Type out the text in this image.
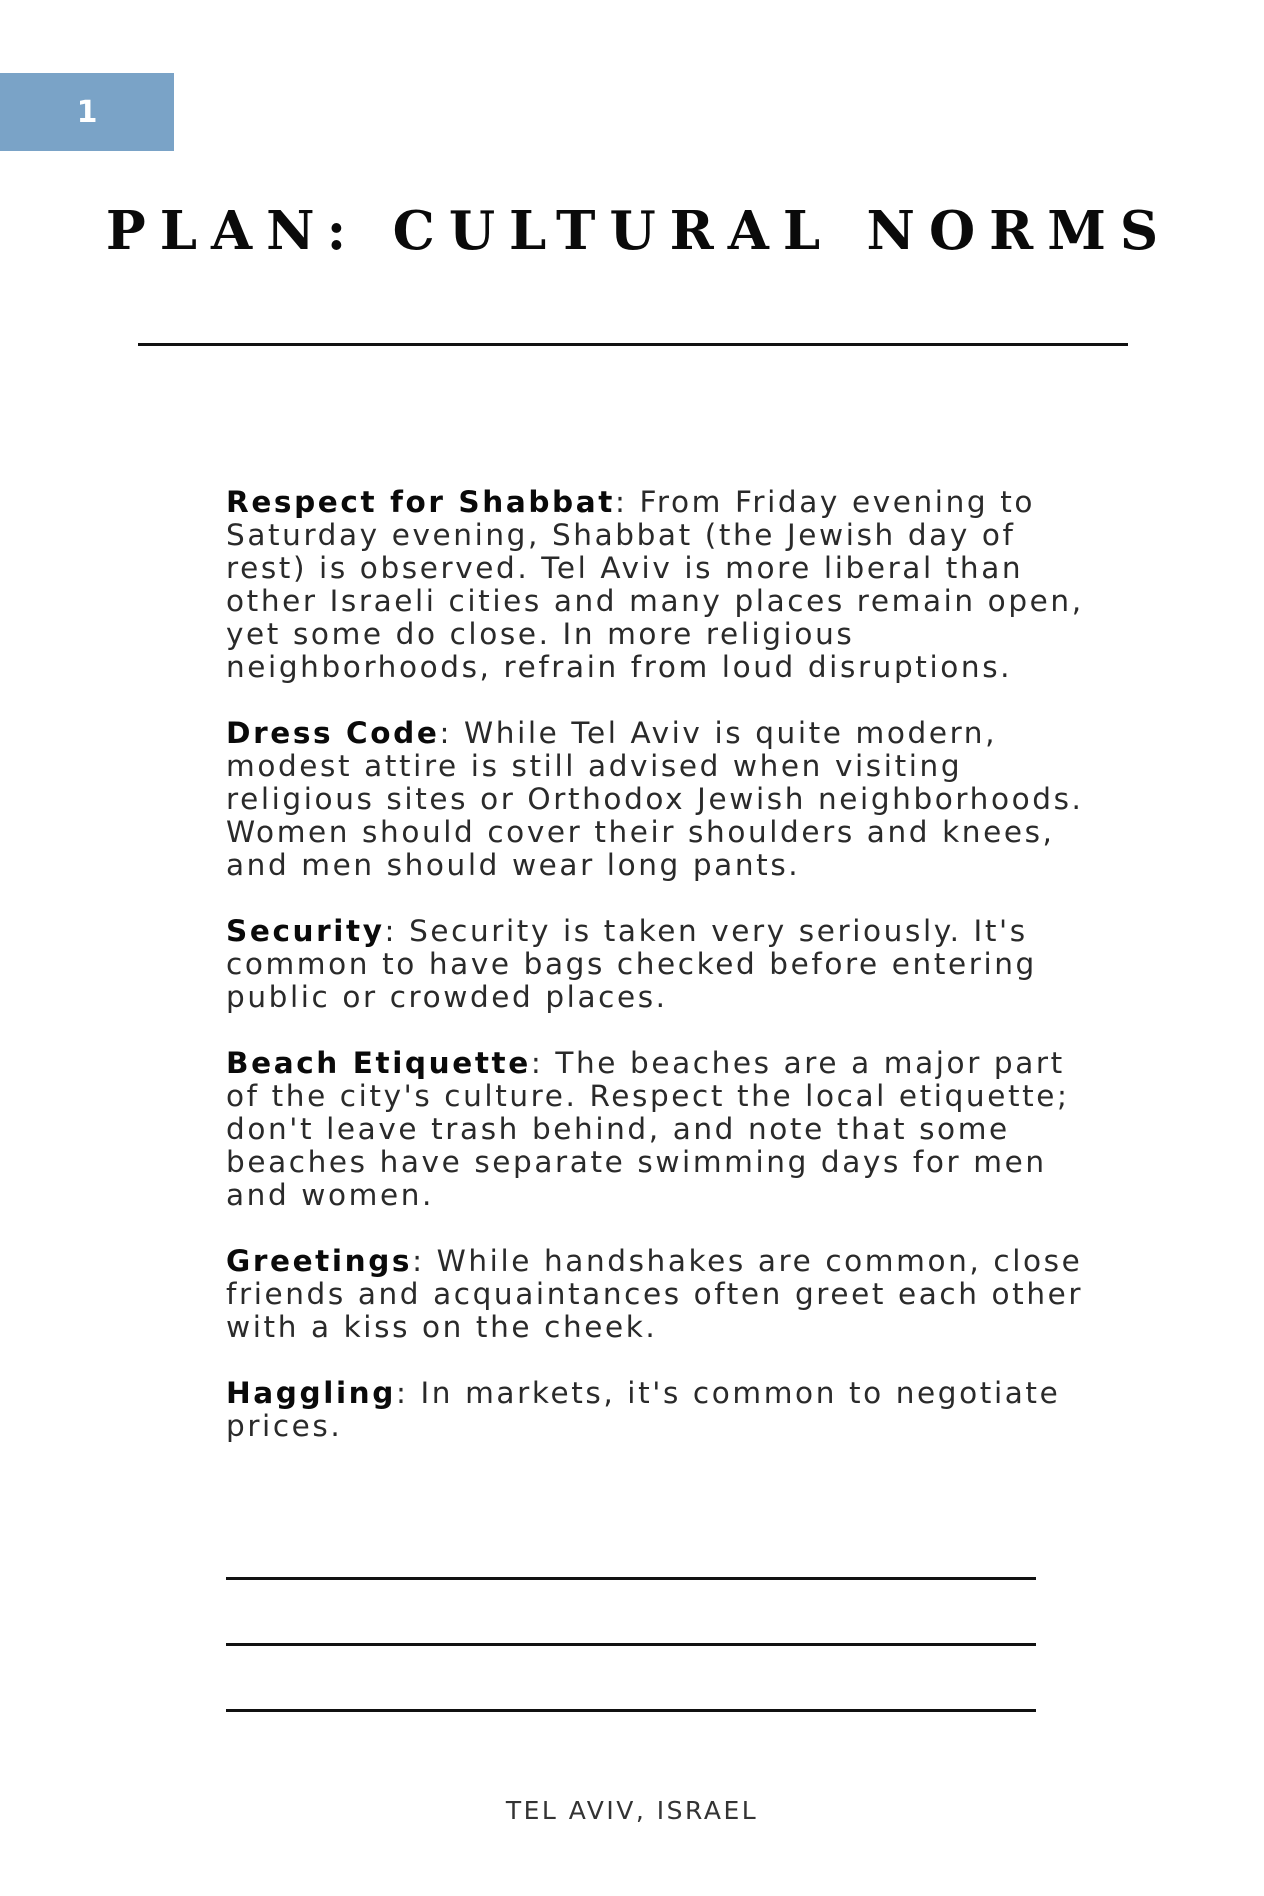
1
PLAN: CULTURAL NORMS

Respect for Shabbat: From Friday evening to Saturday evening, Shabbat (the Jewish day of rest) is observed. Tel Aviv is more liberal than other Israeli cities and many places remain open, yet some do close. In more religious neighborhoods, refrain from loud disruptions.

Dress Code: While Tel Aviv is quite modern, modest attire is still advised when visiting religious sites or Orthodox Jewish neighborhoods. Women should cover their shoulders and knees, and men should wear long pants.

Security: Security is taken very seriously. It's common to have bags checked before entering public or crowded places.

Beach Etiquette: The beaches are a major part of the city's culture. Respect the local etiquette; don't leave trash behind, and note that some beaches have separate swimming days for men and women.

Greetings: While handshakes are common, close friends and acquaintances often greet each other with a kiss on the cheek.

Haggling: In markets, it's common to negotiate prices.

TEL AVIV, ISRAEL
